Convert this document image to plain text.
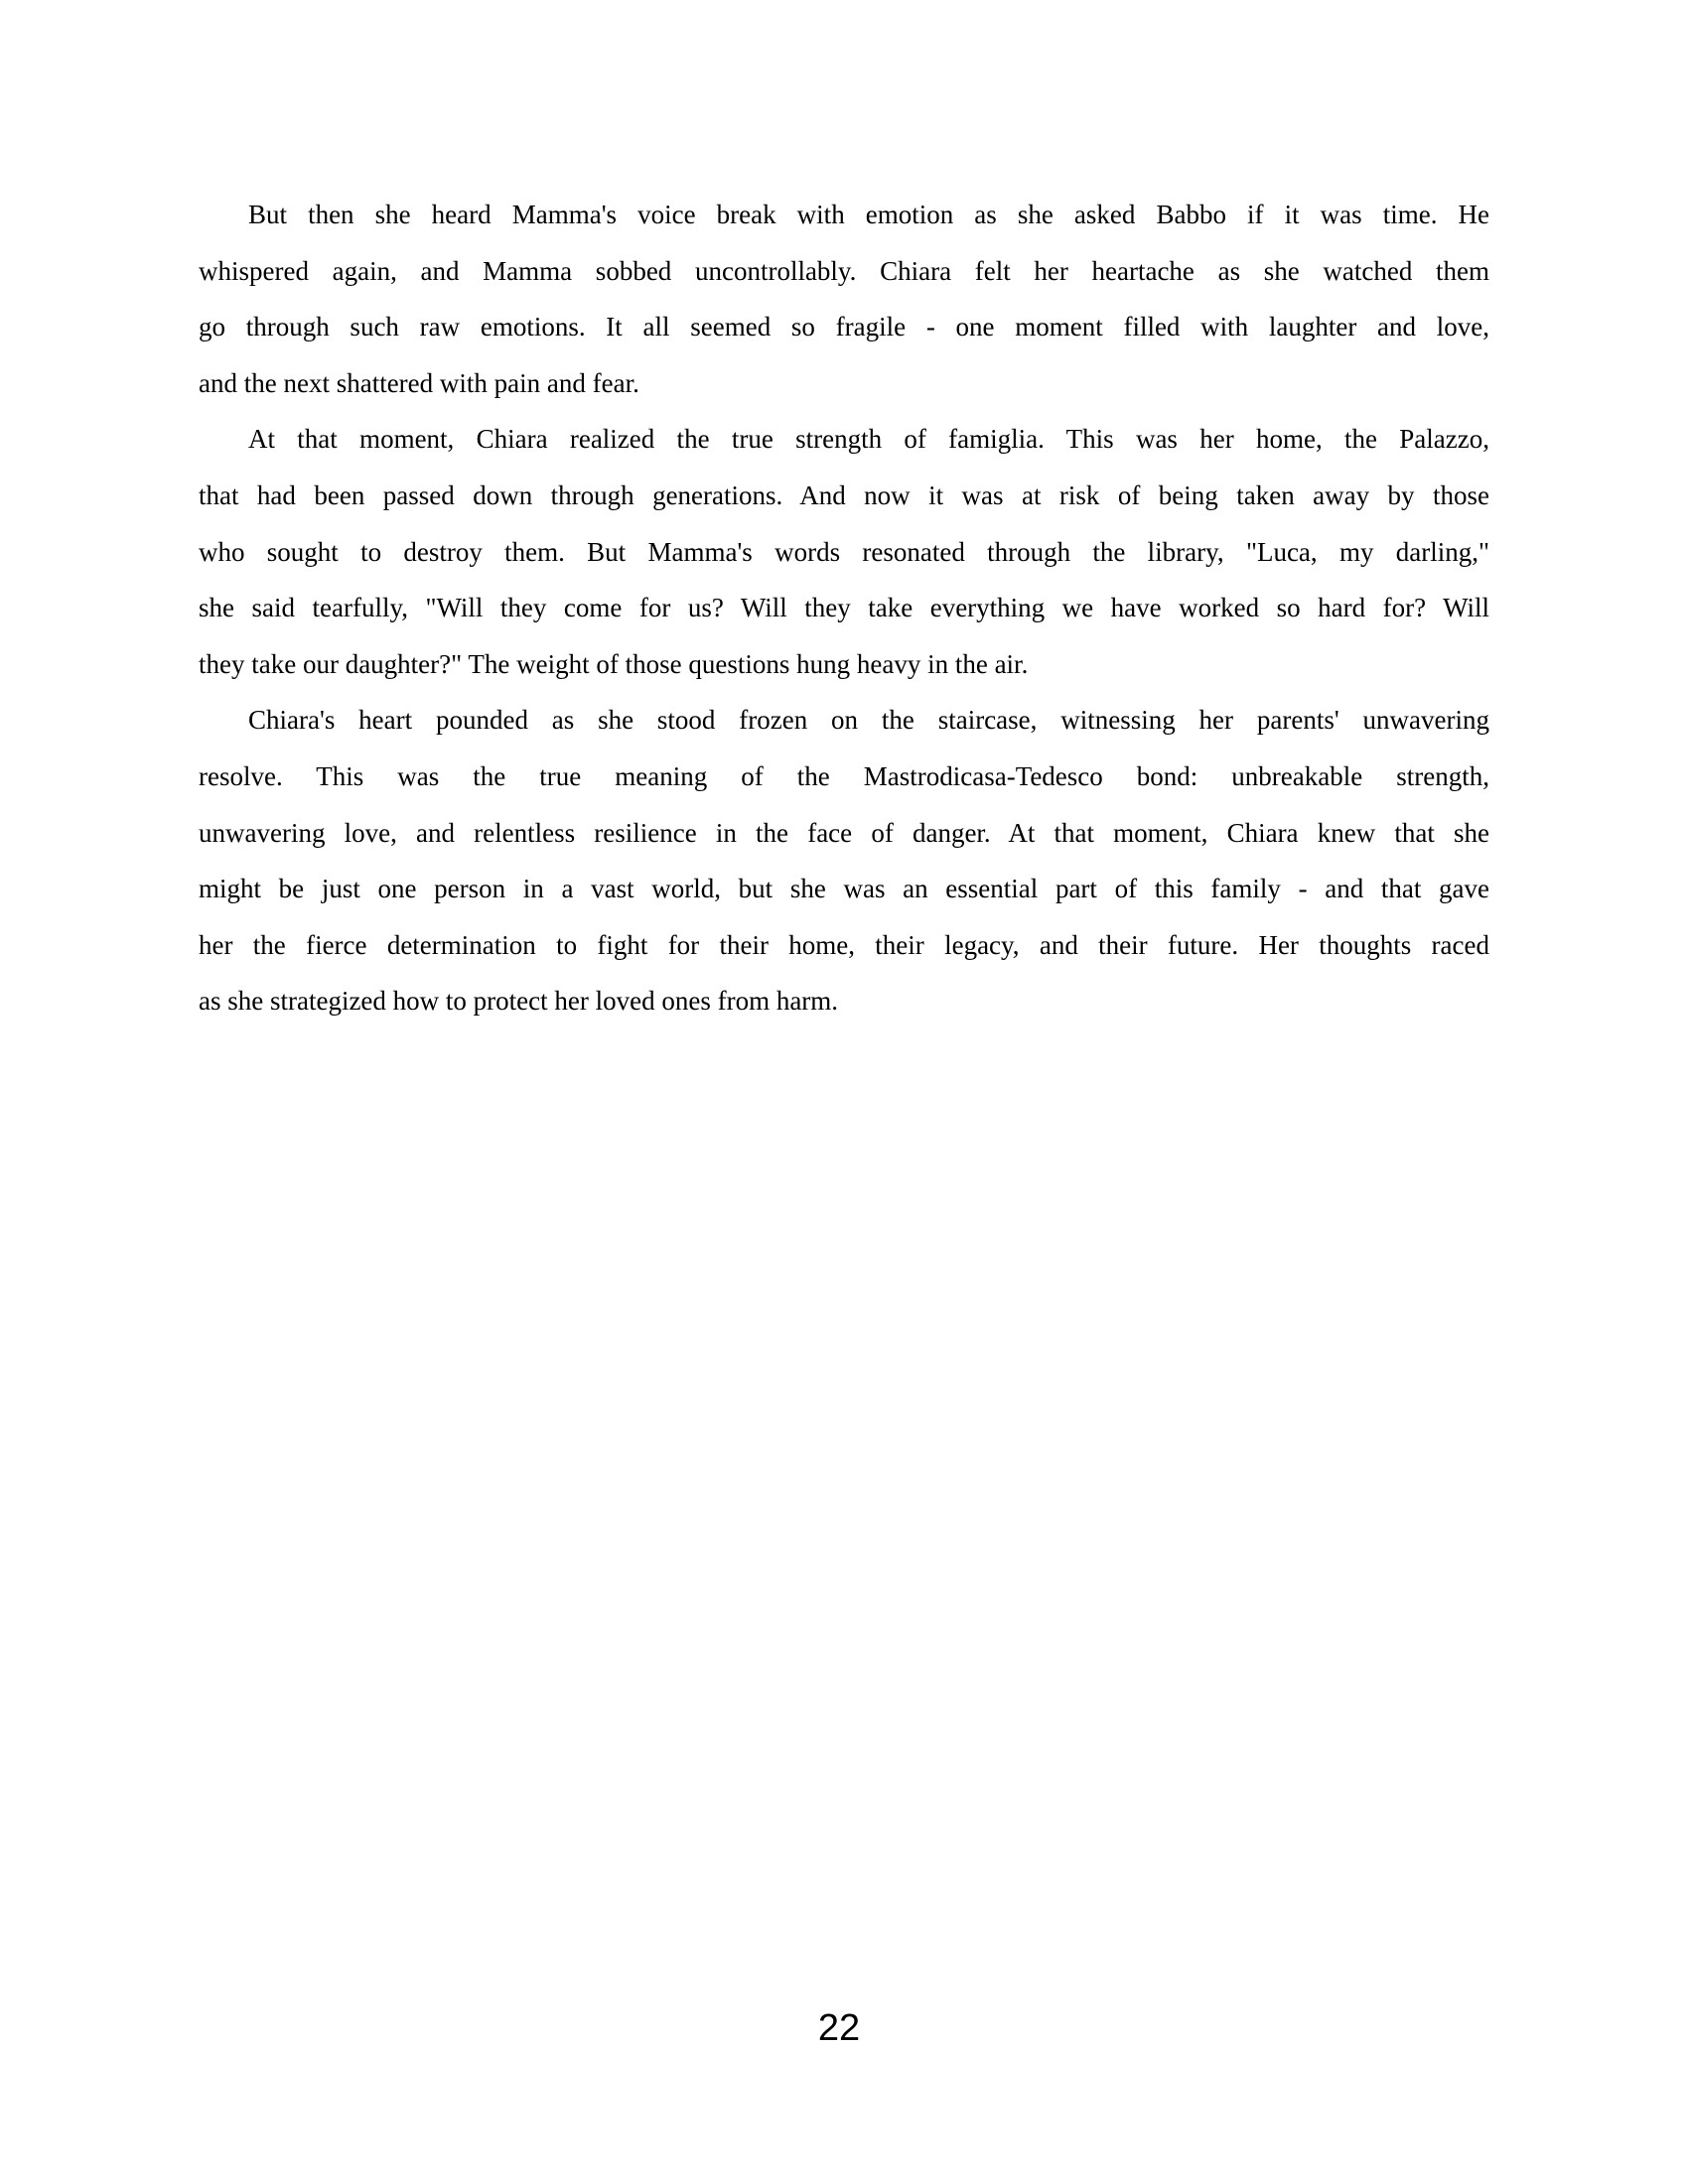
But then she heard Mamma's voice break with emotion as she asked Babbo if it was time. He
whispered again, and Mamma sobbed uncontrollably. Chiara felt her heartache as she watched them
go through such raw emotions. It all seemed so fragile - one moment filled with laughter and love,
and the next shattered with pain and fear.
At that moment, Chiara realized the true strength of famiglia. This was her home, the Palazzo,
that had been passed down through generations. And now it was at risk of being taken away by those
who sought to destroy them. But Mamma's words resonated through the library, "Luca, my darling,"
she said tearfully, "Will they come for us? Will they take everything we have worked so hard for? Will
they take our daughter?" The weight of those questions hung heavy in the air.
Chiara's heart pounded as she stood frozen on the staircase, witnessing her parents' unwavering
resolve. This was the true meaning of the Mastrodicasa-Tedesco bond: unbreakable strength,
unwavering love, and relentless resilience in the face of danger. At that moment, Chiara knew that she
might be just one person in a vast world, but she was an essential part of this family - and that gave
her the fierce determination to fight for their home, their legacy, and their future. Her thoughts raced
as she strategized how to protect her loved ones from harm.
22
